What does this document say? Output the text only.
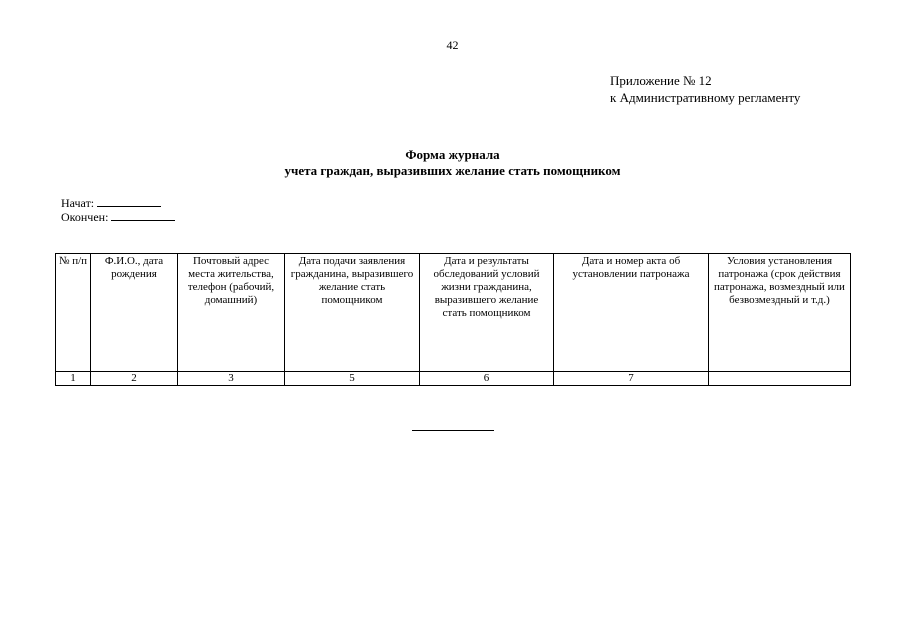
42
Приложение № 12
к Административному регламенту
Форма журнала
учета граждан, выразивших желание стать помощником
Начат:
Окончен:
№ п/п	Ф.И.О., дата рождения	Почтовый адрес места жительства, телефон (рабочий, домашний)	Дата подачи заявления гражданина, выразившего желание стать помощником	Дата и результаты обследований условий жизни гражданина, выразившего желание стать помощником	Дата и номер акта об установлении патронажа	Условия установления патронажа (срок действия патронажа, возмездный или безвозмездный и т.д.)
1	2	3	5	6	7	
